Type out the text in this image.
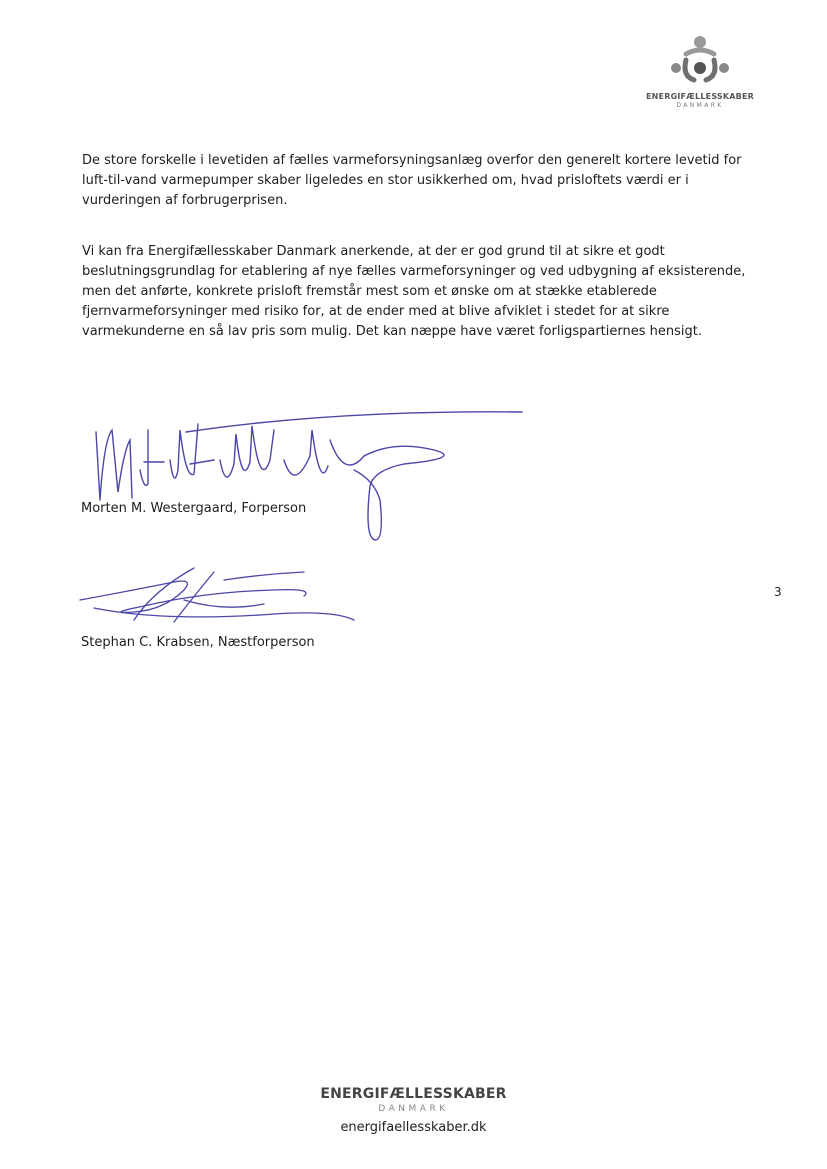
ENERGIFÆLLESSKABER
DANMARK

De store forskelle i levetiden af fælles varmeforsyningsanlæg overfor den generelt kortere levetid for luft-til-vand varmepumper skaber ligeledes en stor usikkerhed om, hvad prisloftets værdi er i vurderingen af forbrugerprisen.

Vi kan fra Energifællesskaber Danmark anerkende, at der er god grund til at sikre et godt beslutningsgrundlag for etablering af nye fælles varmeforsyninger og ved udbygning af eksisterende, men det anførte, konkrete prisloft fremstår mest som et ønske om at stække etablerede fjernvarmeforsyninger med risiko for, at de ender med at blive afviklet i stedet for at sikre varmekunderne en så lav pris som mulig. Det kan næppe have været forligspartiernes hensigt.

Morten M. Westergaard, Forperson
Stephan C. Krabsen, Næstforperson
3
ENERGIFÆLLESSKABER
DANMARK
energifaellesskaber.dk
